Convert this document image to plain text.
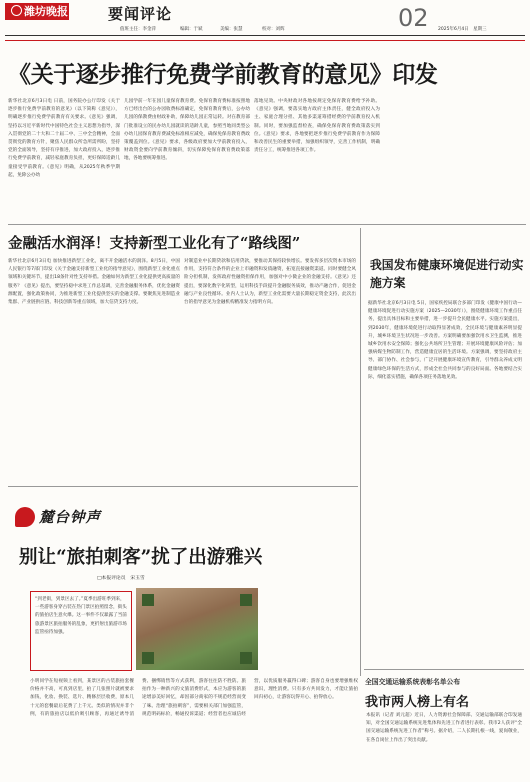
潍坊晚报	要闻评论	02
值班主任：李金萍	编辑：于斌	美编：张慧	校对：刘辉	2025年6月4日　星期三
《关于逐步推行免费学前教育的意见》印发
新华社北京6月3日电 日前，国务院办公厅印发《关于逐步推行免费学前教育的意见》（以下简称《意见》），明确逐步推行免费学前教育有关要求。《意见》强调，坚持以习近平新时代中国特色社会主义思想为指导，深入贯彻党的二十大和二十届二中、三中全会精神，全面贯彻党的教育方针，聚焦人民群众所急所需所盼，坚持党的全面领导，坚持有序推进，加大政府投入，逐步推行免费学前教育，减轻家庭教育负担，更好保障适龄儿童接受学前教育。《意见》明确，从2025年秋季学期起，免除公办幼
儿园学前一年在园儿童保育教育费。免保育教育费标准按照地方已经出台的公办园收费标准确定，免保育教育费后，公办幼儿园的保教费由财政补助，保障幼儿园正常运转。对在教育部门批准设立的民办幼儿园就读的适龄儿童，参照当地同类型公办幼儿园保育教育费减免标准相应减免，确保免保育教育费政策覆盖到位。《意见》要求，各级政府要加大学前教育投入，财政资金要向学前教育倾斜，切实保障免保育教育费政策落地，各地要统筹推进。
落地见效。中央财政对各地按规定免保育教育费给予补助。《意见》强调，要落实地方政府主体责任，健全政府投入为主、家庭合理分担、其他多渠道筹措经费的学前教育投入机制。同时，要加强监督检查，确保免保育教育费政策落实到位。《意见》要求，各地要把逐步推行免费学前教育作为保障和改善民生的重要举措，加强组织领导，完善工作机制，明确责任分工，统筹推进各项工作。
金融活水润泽！支持新型工业化有了“路线图”
新华社北京6月3日电 加快推进新型工业化，离不开金融活水的润泽。8月5日，中国人民银行等7部门印发《关于金融支持新型工业化的指导意见》，围绕新型工业化重点领域和关键环节，提出18条针对性支持举措。金融如何为新型工业化提供更高质量的服务？《意见》提出，要坚持稳中求进工作总基调，完善金融服务体系，优化金融资源配置，强化政策协同，为推进新型工业化提供坚实的金融支撑。要聚焦先进制造业集群、产业链供应链、科技创新等重点领域，加大信贷支持力度。
对制造业中长期贷款和信用贷款，要推动其保持较快增长。要发挥多层次资本市场的作用，支持符合条件的企业上市融资和发债融资，拓宽直接融资渠道。同时要健全风险分担机制，发挥政府性融资担保作用，加强对中小微企业的金融支持。《意见》还提出，要深化数字化转型，运用科技手段提升金融服务质效，推动产融合作，促进金融与产业良性循环。业内人士认为，新型工业化需要大量长期稳定资金支持，此次出台的指导意见为金融机构精准发力指明方向。
我国发布健康环境促进行动实施方案
据新华社北京6月3日电 5日，国家疾控局联合多部门印发《健康中国行动—健康环境促进行动实施方案（2025—2030年）》，围绕健康环境工作重点任务，提出具体目标和主要举措，进一步提升全民健康水平。实施方案提出，到2030年，健康环境促进行动取得显著成效，全民环境与健康素养明显提升，城乡环境卫生状况进一步改善。方案明确要加强饮用水卫生监测，推进城乡饮用水安全保障；强化公共场所卫生管理；开展环境健康风险评估；加强病媒生物防制工作，营造健康宜居的生活环境。方案强调，要坚持政府主导、部门协作、社会参与，广泛开展健康环境宣传教育，引导群众养成文明健康绿色环保的生活方式，形成全社会共同参与的良好局面。各地要结合实际，细化落实措施，确保各项任务落地见效。
全国交通运输系统表彰名单公布
我市两人榜上有名
本报讯（记者 刘元超）近日，人力资源社会保障部、交通运输部联合印发通知，对全国交通运输系统先进集体和先进工作者进行表彰。我市2人获评“全国交通运输系统先进工作者”称号。据介绍，二人长期扎根一线，爱岗敬业，在各自岗位上作出了突出贡献。
麓台钟声
别让“旅拍刺客”扰了出游雅兴
□本报评论员　宋玉雪
“到老街，到景区去了。”夏季出游旺季到来，一些游客身穿古装在热门景区拍照留念，街头的旅拍店生意火爆。这一事件不仅暴露了当前旅游景区旅拍服务的乱象，更折射出旅游市场监管亟待加强。
小明同学在短视频上看到，某景区的古装旅拍套餐价格并不高，可真到店里，拍了几张照片就被要求加钱，化妆、换装、选片、精修层层收费，原本几十元的套餐最后花费了上千元。类似的情况并非个例，有的旅拍店以低价吸引顾客，再通过诱导消费、捆绑销售等方式获利，游客往往防不胜防。旅拍作为一种新兴的文旅消费形式，本应为游客的旅途增添美好回忆，却因部分商家的不规范经营而变了味。治理“旅拍刺客”，需要相关部门加强监管，规范明码标价，畅通投诉渠道；经营者也应诚信经营，以优质服务赢得口碑；游客自身也要增强维权意识，理性消费。只有多方共同发力，才能让旅拍回归初心，让游客玩得开心、拍得放心。
